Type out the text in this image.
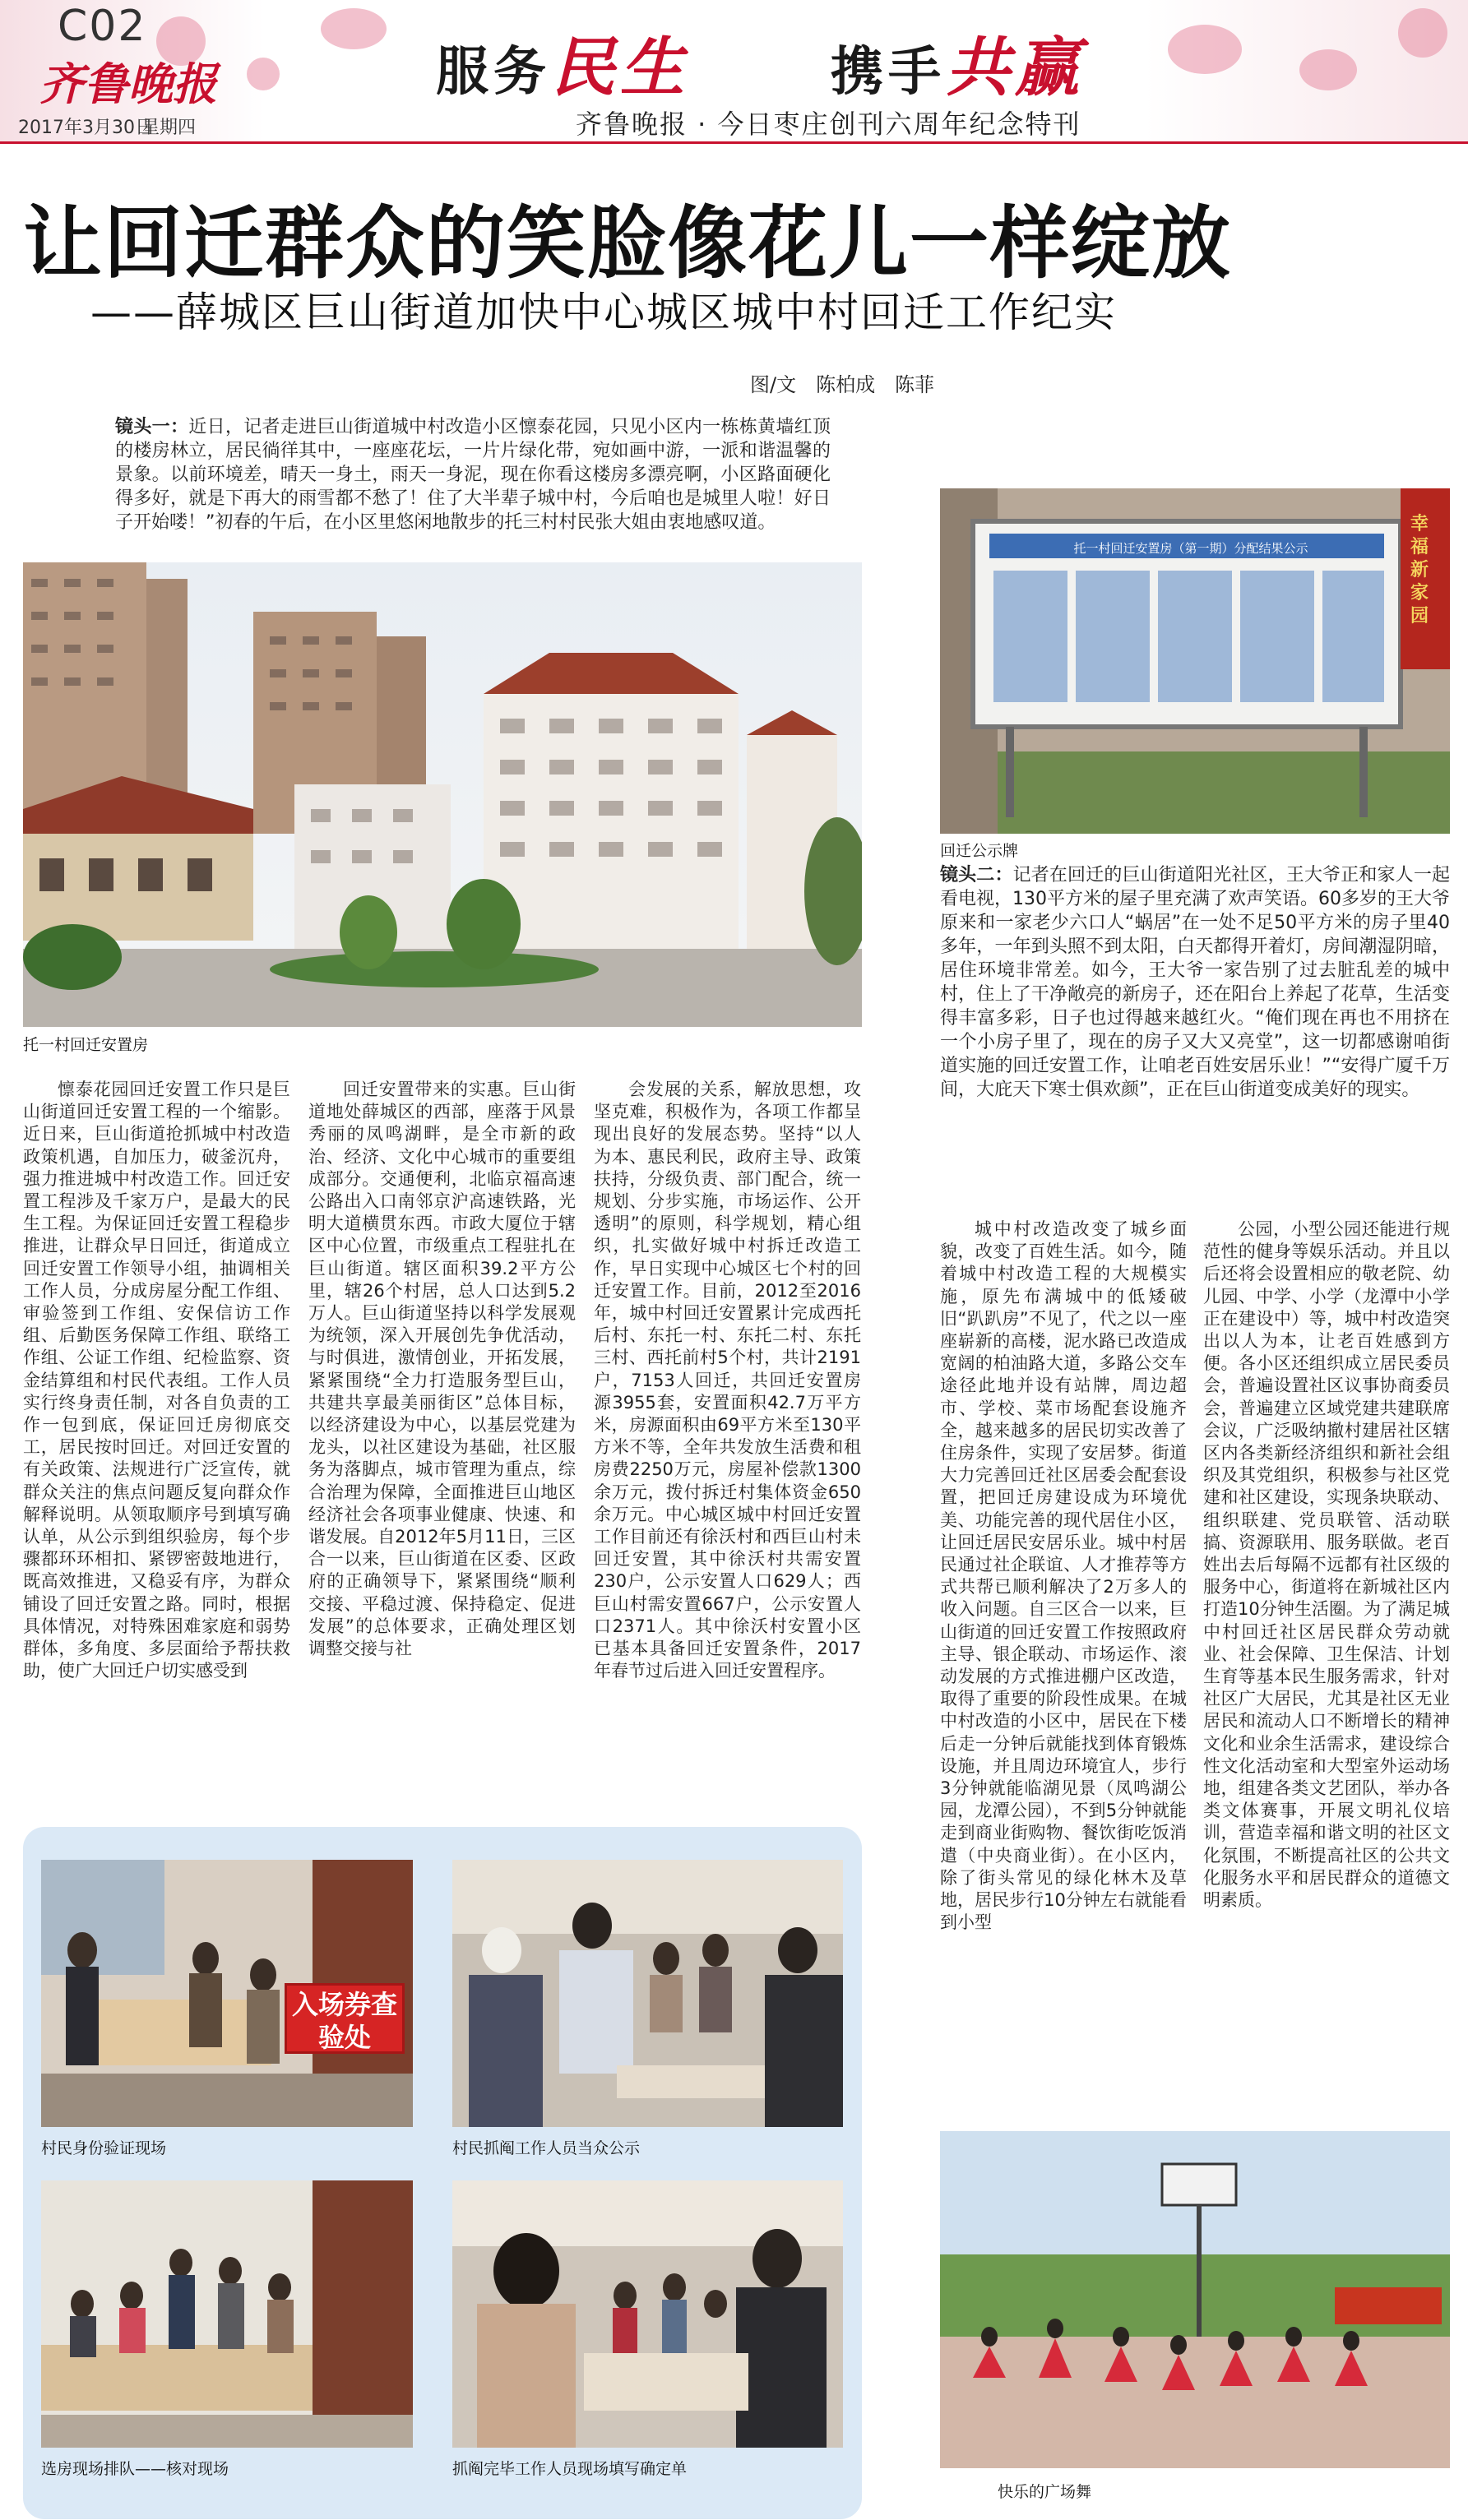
C02
齐鲁晚报
2017年3月30日
星期四
服务民生	携手共赢
齐鲁晚报 · 今日枣庄创刊六周年纪念特刊
让回迁群众的笑脸像花儿一样绽放
——薛城区巨山街道加快中心城区城中村回迁工作纪实
图/文　陈柏成　陈菲
镜头一：近日，记者走进巨山街道城中村改造小区懔泰花园，只见小区内一栋栋黄墙红顶的楼房林立，居民徜徉其中，一座座花坛，一片片绿化带，宛如画中游，一派和谐温馨的景象。以前环境差，晴天一身土，雨天一身泥，现在你看这楼房多漂亮啊，小区路面硬化得多好，就是下再大的雨雪都不愁了！住了大半辈子城中村，今后咱也是城里人啦！好日子开始喽！”初春的午后，在小区里悠闲地散步的托三村村民张大姐由衷地感叹道。
托一村回迁安置房
托一村回迁安置房（第一期）分配结果公示
幸福新家园
回迁公示牌
镜头二：记者在回迁的巨山街道阳光社区，王大爷正和家人一起看电视，130平方米的屋子里充满了欢声笑语。60多岁的王大爷原来和一家老少六口人“蜗居”在一处不足50平方米的房子里40多年，一年到头照不到太阳，白天都得开着灯，房间潮湿阴暗，居住环境非常差。如今，王大爷一家告别了过去脏乱差的城中村，住上了干净敞亮的新房子，还在阳台上养起了花草，生活变得丰富多彩，日子也过得越来越红火。“俺们现在再也不用挤在一个小房子里了，现在的房子又大又亮堂”，这一切都感谢咱街道实施的回迁安置工作，让咱老百姓安居乐业！”“安得广厦千万间，大庇天下寒士俱欢颜”，正在巨山街道变成美好的现实。
懔泰花园回迁安置工作只是巨山街道回迁安置工程的一个缩影。近日来，巨山街道抢抓城中村改造政策机遇，自加压力，破釜沉舟，强力推进城中村改造工作。回迁安置工程涉及千家万户，是最大的民生工程。为保证回迁安置工程稳步推进，让群众早日回迁，街道成立回迁安置工作领导小组，抽调相关工作人员，分成房屋分配工作组、审验签到工作组、安保信访工作组、后勤医务保障工作组、联络工作组、公证工作组、纪检监察、资金结算组和村民代表组。工作人员实行终身责任制，对各自负责的工作一包到底，保证回迁房彻底交工，居民按时回迁。对回迁安置的有关政策、法规进行广泛宣传，就群众关注的焦点问题反复向群众作解释说明。从领取顺序号到填写确认单，从公示到组织验房，每个步骤都环环相扣、紧锣密鼓地进行，既高效推进，又稳妥有序，为群众铺设了回迁安置之路。同时，根据具体情况，对特殊困难家庭和弱势群体，多角度、多层面给予帮扶救助，使广大回迁户切实感受到
回迁安置带来的实惠。巨山街道地处薛城区的西部，座落于风景秀丽的凤鸣湖畔，是全市新的政治、经济、文化中心城市的重要组成部分。交通便利，北临京福高速公路出入口南邻京沪高速铁路，光明大道横贯东西。市政大厦位于辖区中心位置，市级重点工程驻扎在巨山街道。辖区面积39.2平方公里，辖26个村居，总人口达到5.2万人。巨山街道坚持以科学发展观为统领，深入开展创先争优活动，与时俱进，激情创业，开拓发展，紧紧围绕“全力打造服务型巨山，共建共享最美丽街区”总体目标，以经济建设为中心，以基层党建为龙头，以社区建设为基础，社区服务为落脚点，城市管理为重点，综合治理为保障，全面推进巨山地区经济社会各项事业健康、快速、和谐发展。自2012年5月11日，三区合一以来，巨山街道在区委、区政府的正确领导下，紧紧围绕“顺利交接、平稳过渡、保持稳定、促进发展”的总体要求，正确处理区划调整交接与社
会发展的关系，解放思想，攻坚克难，积极作为，各项工作都呈现出良好的发展态势。坚持“以人为本、惠民利民，政府主导、政策扶持，分级负责、部门配合，统一规划、分步实施，市场运作、公开透明”的原则，科学规划，精心组织，扎实做好城中村拆迁改造工作，早日实现中心城区七个村的回迁安置工作。目前，2012至2016年，城中村回迁安置累计完成西托后村、东托一村、东托二村、东托三村、西托前村5个村，共计2191户，7153人回迁，共回迁安置房源3955套，安置面积42.7万平方米，房源面积由69平方米至130平方米不等，全年共发放生活费和租房费2250万元，房屋补偿款1300余万元，拨付拆迁村集体资金650余万元。中心城区城中村回迁安置工作目前还有徐沃村和西巨山村未回迁安置，其中徐沃村共需安置230户，公示安置人口629人；西巨山村需安置667户，公示安置人口2371人。其中徐沃村安置小区已基本具备回迁安置条件，2017年春节过后进入回迁安置程序。
城中村改造改变了城乡面貌，改变了百姓生活。如今，随着城中村改造工程的大规模实施，原先布满城中的低矮破旧“趴趴房”不见了，代之以一座座崭新的高楼，泥水路已改造成宽阔的柏油路大道，多路公交车途径此地并设有站牌，周边超市、学校、菜市场配套设施齐全，越来越多的居民切实改善了住房条件，实现了安居梦。街道大力完善回迁社区居委会配套设置，把回迁房建设成为环境优美、功能完善的现代居住小区，让回迁居民安居乐业。城中村居民通过社企联谊、人才推荐等方式共帮已顺利解决了2万多人的收入问题。自三区合一以来，巨山街道的回迁安置工作按照政府主导、银企联动、市场运作、滚动发展的方式推进棚户区改造，取得了重要的阶段性成果。在城中村改造的小区中，居民在下楼后走一分钟后就能找到体育锻炼设施，并且周边环境宜人，步行3分钟就能临湖见景（凤鸣湖公园，龙潭公园），不到5分钟就能走到商业街购物、餐饮街吃饭消遣（中央商业街）。在小区内，除了街头常见的绿化林木及草地，居民步行10分钟左右就能看到小型
公园，小型公园还能进行规范性的健身等娱乐活动。并且以后还将会设置相应的敬老院、幼儿园、中学、小学（龙潭中小学正在建设中）等，城中村改造突出以人为本，让老百姓感到方便。各小区还组织成立居民委员会，普遍设置社区议事协商委员会，普遍建立区域党建共建联席会议，广泛吸纳撤村建居社区辖区内各类新经济组织和新社会组织及其党组织，积极参与社区党建和社区建设，实现条块联动、组织联建、党员联管、活动联搞、资源联用、服务联做。老百姓出去后每隔不远都有社区级的服务中心，街道将在新城社区内打造10分钟生活圈。为了满足城中村回迁社区居民群众劳动就业、社会保障、卫生保洁、计划生育等基本民生服务需求，针对社区广大居民，尤其是社区无业居民和流动人口不断增长的精神文化和业余生活需求，建设综合性文化活动室和大型室外运动场地，组建各类文艺团队，举办各类文体赛事，开展文明礼仪培训，营造幸福和谐文明的社区文化氛围，不断提高社区的公共文化服务水平和居民群众的道德文明素质。
入场券查验处
村民身份验证现场	村民抓阄工作人员当众公示
选房现场排队——核对现场	抓阄完毕工作人员现场填写确定单
快乐的广场舞
